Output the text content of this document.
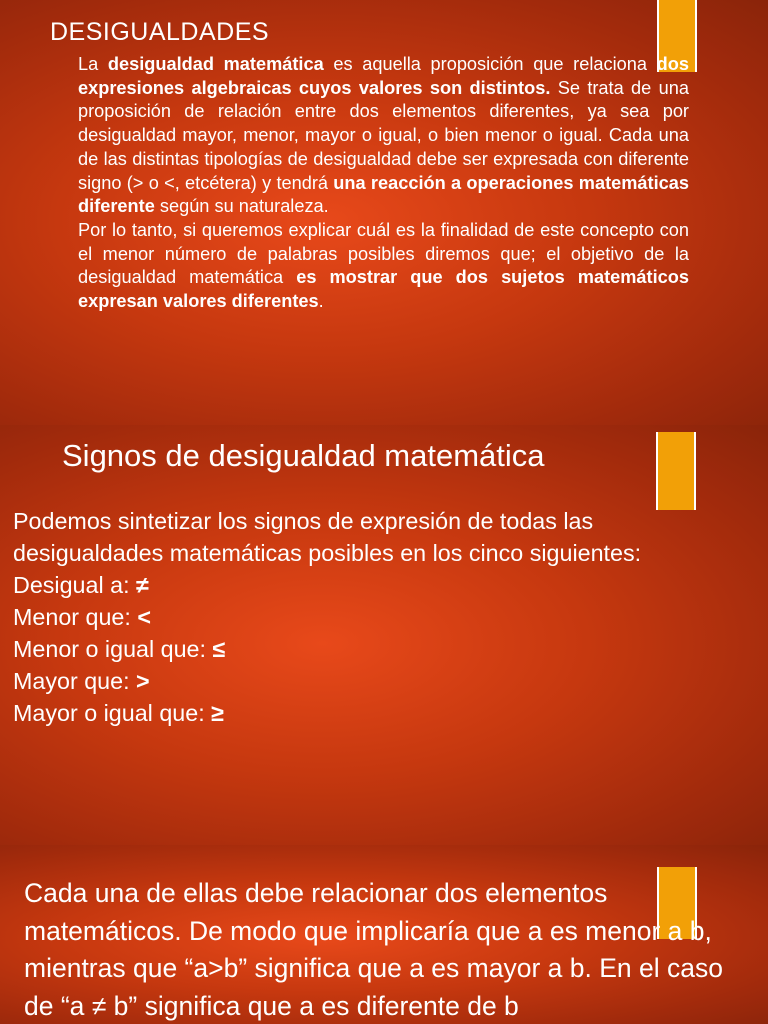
DESIGUALDADES

La desigualdad matemática es aquella proposición que relaciona dos expresiones algebraicas cuyos valores son distintos. Se trata de una proposición de relación entre dos elementos diferentes, ya sea por desigualdad mayor, menor, mayor o igual, o bien menor o igual. Cada una de las distintas tipologías de desigualdad debe ser expresada con diferente signo (> o <, etcétera) y tendrá una reacción a operaciones matemáticas diferente según su naturaleza.

Por lo tanto, si queremos explicar cuál es la finalidad de este concepto con el menor número de palabras posibles diremos que; el objetivo de la desigualdad matemática es mostrar que dos sujetos matemáticos expresan valores diferentes.

Signos de desigualdad matemática

Podemos sintetizar los signos de expresión de todas las

desigualdades matemáticas posibles en los cinco siguientes:

Desigual a: ≠

Menor que: <

Menor o igual que: ≤

Mayor que: >

Mayor o igual que: ≥

Cada una de ellas debe relacionar dos elementos matemáticos. De modo que implicaría que a es menor a b, mientras que “a>b” significa que a es mayor a b. En el caso de “a ≠ b” significa que a es diferente de b
